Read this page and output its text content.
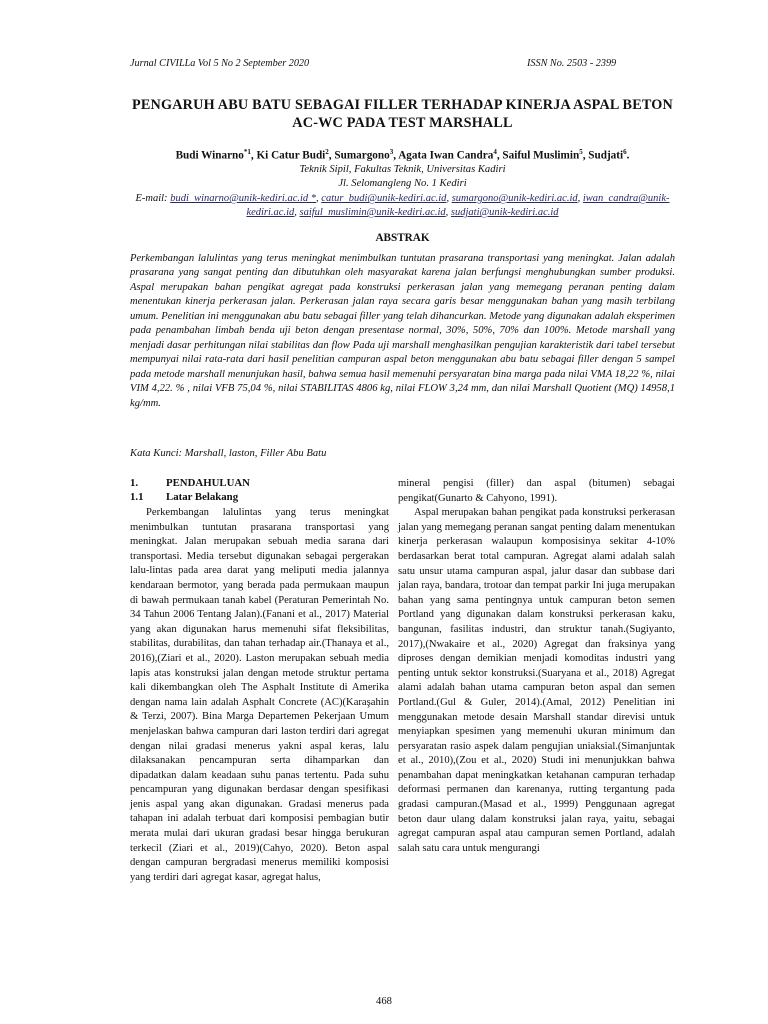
Jurnal CIVILLa Vol 5 No 2 September 2020	ISSN No. 2503 - 2399
PENGARUH ABU BATU SEBAGAI FILLER TERHADAP KINERJA ASPAL BETON AC-WC PADA TEST MARSHALL
Budi Winarno$^{*1}$, Ki Catur Budi$^2$, Sumargono$^3$, Agata Iwan Candra$^4$, Saiful Muslimin$^5$, Sudjati$^6$.
Teknik Sipil, Fakultas Teknik, Universitas Kadiri
Jl. Selomangleng No. 1 Kediri
E-mail: budi_winarno@unik-kediri.ac.id *, catur_budi@unik-kediri.ac.id, sumargono@unik-kediri.ac.id, iwan_candra@unik-kediri.ac.id, saiful_muslimin@unik-kediri.ac.id, sudjati@unik-kediri.ac.id
ABSTRAK

Perkembangan lalulintas yang terus meningkat menimbulkan tuntutan prasarana transportasi yang meningkat. Jalan adalah prasarana yang sangat penting dan dibutuhkan oleh masyarakat karena jalan berfungsi menghubungkan sumber produksi. Aspal merupakan bahan pengikat agregat pada konstruksi perkerasan jalan yang memegang peranan penting dalam menentukan kinerja perkerasan jalan. Perkerasan jalan raya secara garis besar menggunakan bahan yang masih terbilang umum. Penelitian ini menggunakan abu batu sebagai filler yang telah dihancurkan. Metode yang digunakan adalah eksperimen pada penambahan limbah benda uji beton dengan presentase normal, 30%, 50%, 70% dan 100%. Metode marshall yang menjadi dasar perhitungan nilai stabilitas dan flow Pada uji marshall menghasilkan pengujian karakteristik dari tabel tersebut mempunyai nilai rata-rata dari hasil penelitian campuran aspal beton menggunakan abu batu sebagai filler dengan 5 sampel pada metode marshall menunjukan hasil, bahwa semua hasil memenuhi persyaratan bina marga pada nilai VMA 18,22 %, nilai VIM 4,22. % , nilai VFB 75,04 %, nilai STABILITAS 4806 kg, nilai FLOW 3,24 mm, dan nilai Marshall Quotient (MQ) 14958,1 kg/mm.

Kata Kunci: Marshall, laston, Filler Abu Batu
1.	PENDAHULUAN
1.1 Latar Belakang

Perkembangan lalulintas yang terus meningkat menimbulkan tuntutan prasarana transportasi yang meningkat. Jalan merupakan sebuah media sarana dari transportasi. Media tersebut digunakan sebagai pergerakan lalu-lintas pada area darat yang meliputi media jalannya kendaraan bermotor, yang berada pada permukaan maupun di bawah permukaan tanah kabel (Peraturan Pemerintah No. 34 Tahun 2006 Tentang Jalan).(Fanani et al., 2017) Material yang akan digunakan harus memenuhi sifat fleksibilitas, stabilitas, durabilitas, dan tahan terhadap air.(Thanaya et al., 2016),(Ziari et al., 2020). Laston merupakan sebuah media lapis atas konstruksi jalan dengan metode struktur pertama kali dikembangkan oleh The Asphalt Institute di Amerika dengan nama lain adalah Asphalt Concrete (AC)(Karaşahin & Terzi, 2007). Bina Marga Departemen Pekerjaan Umum menjelaskan bahwa campuran dari laston terdiri dari agregat dengan nilai gradasi menerus yakni aspal keras, lalu dilaksanakan pencampuran serta dihamparkan dan dipadatkan dalam keadaan suhu panas tertentu. Pada suhu pencampuran yang digunakan berdasar dengan spesifikasi jenis aspal yang akan digunakan. Gradasi menerus pada tahapan ini adalah terbuat dari komposisi pembagian butir merata mulai dari ukuran gradasi besar hingga berukuran terkecil (Ziari et al., 2019)(Cahyo, 2020). Beton aspal dengan campuran bergradasi menerus memiliki komposisi yang terdiri dari agregat kasar, agregat halus,

mineral pengisi (filler) dan aspal (bitumen) sebagai pengikat(Gunarto & Cahyono, 1991).

Aspal merupakan bahan pengikat pada konstruksi perkerasan jalan yang memegang peranan sangat penting dalam menentukan kinerja perkerasan walaupun komposisinya sekitar 4-10% berdasarkan berat total campuran. Agregat alami adalah salah satu unsur utama campuran aspal, jalur dasar dan subbase dari jalan raya, bandara, trotoar dan tempat parkir Ini juga merupakan bahan yang sama pentingnya untuk campuran beton semen Portland yang digunakan dalam konstruksi perkerasan kaku, bangunan, fasilitas industri, dan struktur tanah.(Sugiyanto, 2017),(Nwakaire et al., 2020) Agregat dan fraksinya yang diproses dengan demikian menjadi komoditas industri yang penting untuk sektor konstruksi.(Suaryana et al., 2018) Agregat alami adalah bahan utama campuran beton aspal dan semen Portland.(Gul & Guler, 2014).(Amal, 2012) Penelitian ini menggunakan metode desain Marshall standar direvisi untuk menyiapkan spesimen yang memenuhi ukuran minimum dan persyaratan rasio aspek dalam pengujian uniaksial.(Simanjuntak et al., 2010),(Zou et al., 2020) Studi ini menunjukkan bahwa penambahan dapat meningkatkan ketahanan campuran terhadap deformasi permanen dan karenanya, rutting tergantung pada gradasi campuran.(Masad et al., 1999) Penggunaan agregat beton daur ulang dalam konstruksi jalan raya, yaitu, sebagai agregat campuran aspal atau campuran semen Portland, adalah salah satu cara untuk mengurangi

468
